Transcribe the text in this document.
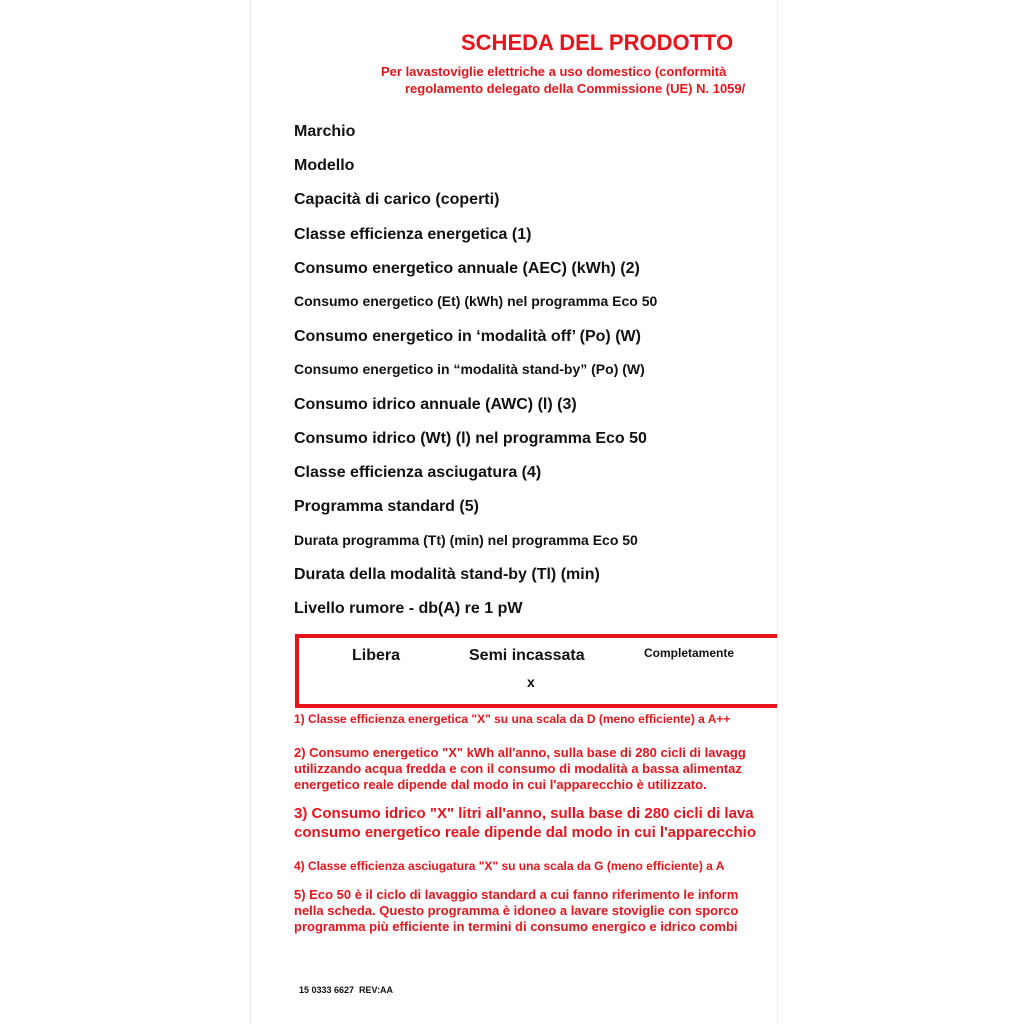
SCHEDA DEL PRODOTTO
Per lavastoviglie elettriche a uso domestico (conformità
regolamento delegato della Commissione (UE) N. 1059/
Marchio
Modello
Capacità di carico (coperti)
Classe efficienza energetica (1)
Consumo energetico annuale (AEC) (kWh) (2)
Consumo energetico (Et) (kWh) nel programma Eco 50
Consumo energetico in ‘modalità off’ (Po) (W)
Consumo energetico in “modalità stand-by” (Po) (W)
Consumo idrico annuale (AWC) (l) (3)
Consumo idrico (Wt) (l) nel programma Eco 50
Classe efficienza asciugatura (4)
Programma standard (5)
Durata programma (Tt) (min) nel programma Eco 50
Durata della modalità stand-by (Tl) (min)
Livello rumore - db(A) re 1 pW
Libera	Semi incassata
x
Completamente
1) Classe efficienza energetica "X" su una scala da D (meno efficiente) a A++
2) Consumo energetico "X" kWh all'anno, sulla base di 280 cicli di lavagg
utilizzando acqua fredda e con il consumo di modalità a bassa alimentaz
energetico reale dipende dal modo in cui l'apparecchio è utilizzato.
3) Consumo idrico "X" litri all'anno, sulla base di 280 cicli di lava
consumo energetico reale dipende dal modo in cui l'apparecchio
4) Classe efficienza asciugatura "X" su una scala da G (meno efficiente) a A
5) Eco 50 è il ciclo di lavaggio standard a cui fanno riferimento le inform
nella scheda. Questo programma è idoneo a lavare stoviglie con sporco
programma più efficiente in termini di consumo energico e idrico combi
15 0333 6627  REV:AA
